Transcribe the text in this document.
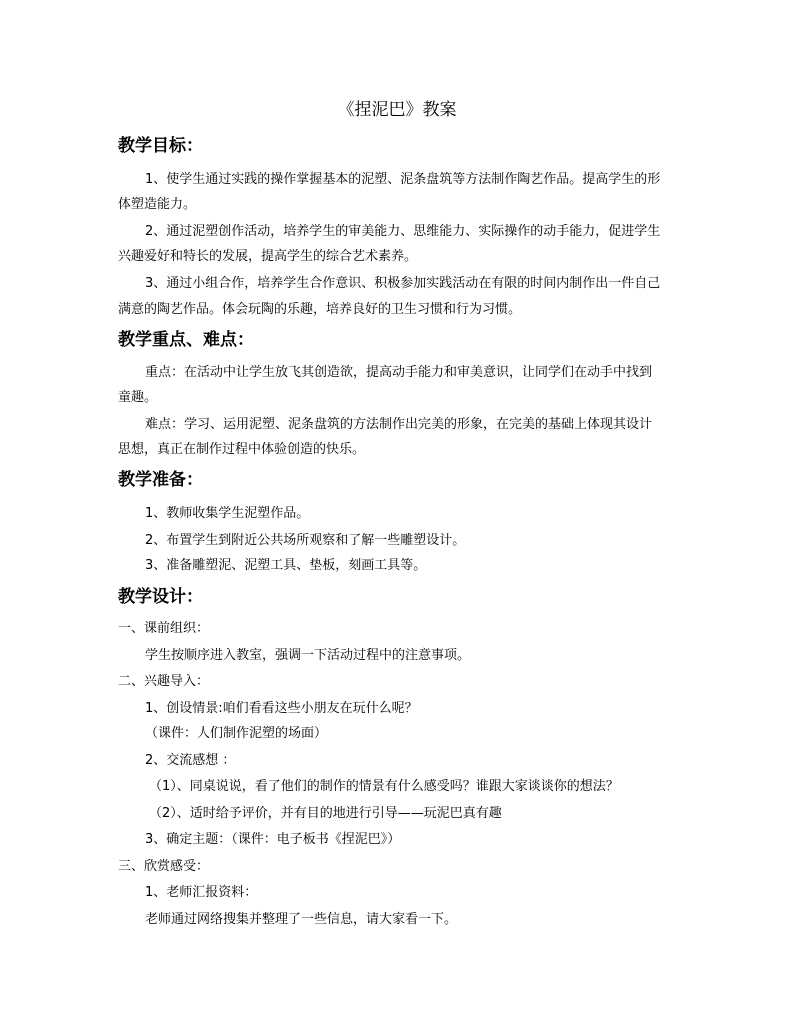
《捏泥巴》教案
教学目标：
1、使学生通过实践的操作掌握基本的泥塑、泥条盘筑等方法制作陶艺作品。提高学生的形
体塑造能力。
2、通过泥塑创作活动，培养学生的审美能力、思维能力、实际操作的动手能力，促进学生
兴趣爱好和特长的发展，提高学生的综合艺术素养。
3、通过小组合作，培养学生合作意识、积极参加实践活动在有限的时间内制作出一件自己
满意的陶艺作品。体会玩陶的乐趣，培养良好的卫生习惯和行为习惯。
教学重点、难点：
重点：在活动中让学生放飞其创造欲，提高动手能力和审美意识，让同学们在动手中找到
童趣。
难点：学习、运用泥塑、泥条盘筑的方法制作出完美的形象，在完美的基础上体现其设计
思想，真正在制作过程中体验创造的快乐。
教学准备：
1、教师收集学生泥塑作品。
2、布置学生到附近公共场所观察和了解一些雕塑设计。
3、准备雕塑泥、泥塑工具、垫板，刻画工具等。
教学设计：
一、课前组织：
学生按顺序进入教室，强调一下活动过程中的注意事项。
二、兴趣导入：
1、创设情景:咱们看看这些小朋友在玩什么呢？
（课件：人们制作泥塑的场面）
2、交流感想 ：
（1）、同桌说说，看了他们的制作的情景有什么感受吗？谁跟大家谈谈你的想法？
（2）、适时给予评价，并有目的地进行引导——玩泥巴真有趣
3、确定主题：（课件：电子板书《捏泥巴》）
三、欣赏感受：
1、老师汇报资料：
老师通过网络搜集并整理了一些信息，请大家看一下。
